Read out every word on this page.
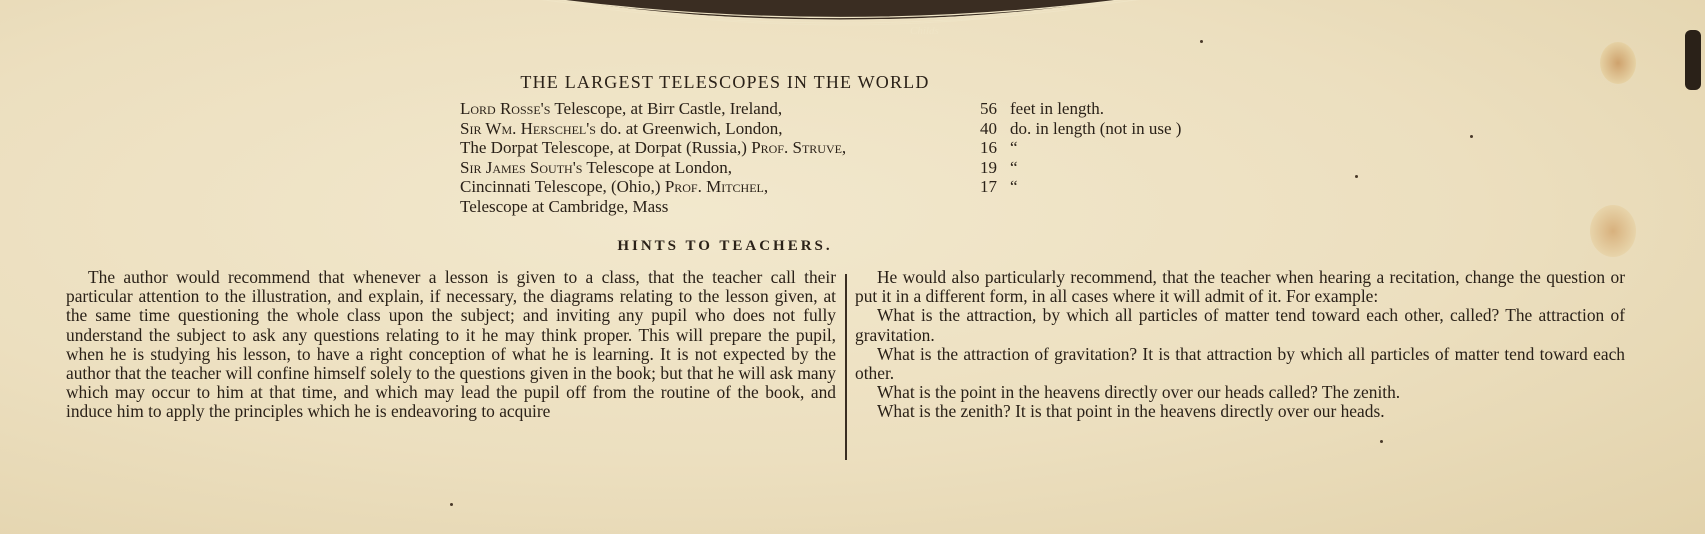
Childs
THE LARGEST TELESCOPES IN THE WORLD
Lord Rosse's Telescope, at Birr Castle, Ireland,	56 feet in length.
Sir Wm. Herschel's do. at Greenwich, London,	40 do. in length (not in use )
The Dorpat Telescope, at Dorpat (Russia,) Prof. Struve,	16 “
Sir James South's Telescope at London,	19 “
Cincinnati Telescope, (Ohio,) Prof. Mitchel,	17 “
Telescope at Cambridge, Mass
HINTS TO TEACHERS.

The author would recommend that whenever a lesson is given to a class, that the teacher call their particular attention to the illustration, and explain, if necessary, the diagrams relating to the lesson given, at the same time questioning the whole class upon the subject; and inviting any pupil who does not fully understand the subject to ask any questions relating to it he may think proper. This will prepare the pupil, when he is studying his lesson, to have a right conception of what he is learning. It is not expected by the author that the teacher will confine himself solely to the questions given in the book; but that he will ask many which may occur to him at that time, and which may lead the pupil off from the routine of the book, and induce him to apply the principles which he is endeavoring to acquire

He would also particularly recommend, that the teacher when hearing a recitation, change the question or put it in a different form, in all cases where it will admit of it. For example:

What is the attraction, by which all particles of matter tend toward each other, called? The attraction of gravitation.

What is the attraction of gravitation? It is that attraction by which all particles of matter tend toward each other.

What is the point in the heavens directly over our heads called? The zenith.

What is the zenith? It is that point in the heavens directly over our heads.
